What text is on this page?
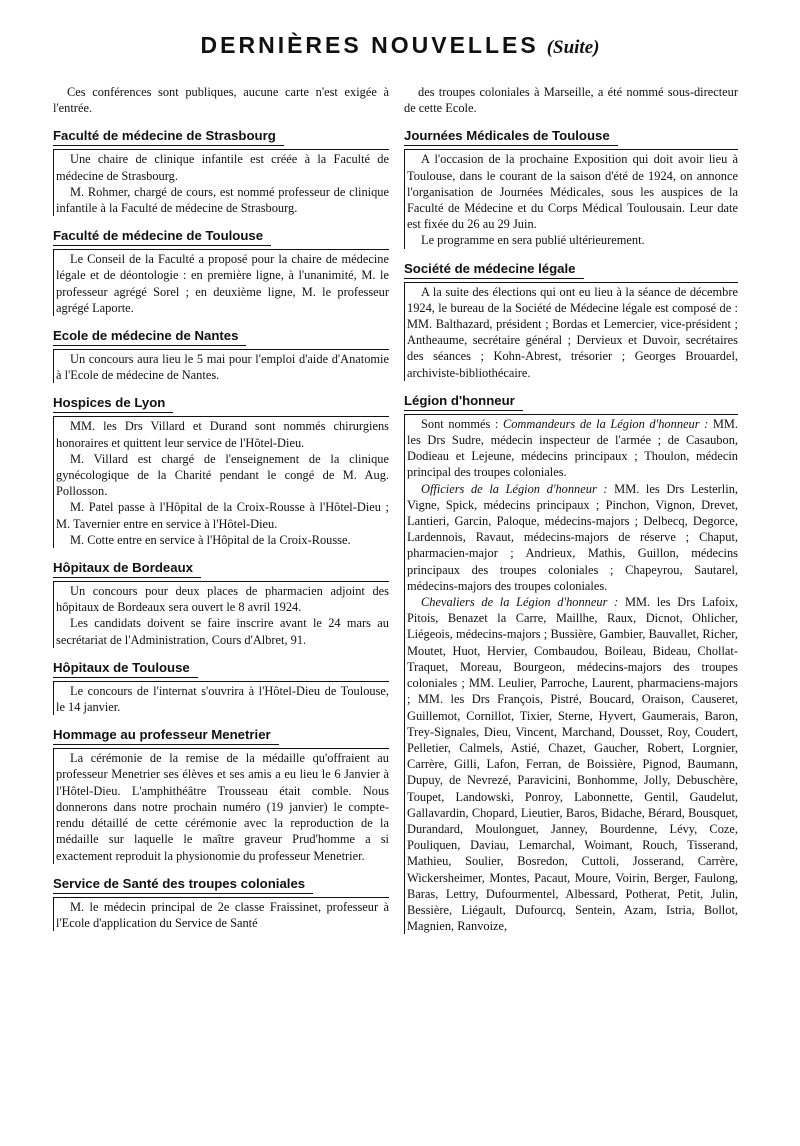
DERNIÈRES NOUVELLES (Suite)

Ces conférences sont publiques, aucune carte n'est exigée à l'entrée.

Faculté de médecine de Strasbourg

Une chaire de clinique infantile est créée à la Faculté de médecine de Strasbourg.

M. Rohmer, chargé de cours, est nommé professeur de clinique infantile à la Faculté de médecine de Strasbourg.

Faculté de médecine de Toulouse

Le Conseil de la Faculté a proposé pour la chaire de médecine légale et de déontologie : en première ligne, à l'unanimité, M. le professeur agrégé Sorel ; en deuxième ligne, M. le professeur agrégé Laporte.

Ecole de médecine de Nantes

Un concours aura lieu le 5 mai pour l'emploi d'aide d'Anatomie à l'Ecole de médecine de Nantes.

Hospices de Lyon

MM. les Drs Villard et Durand sont nommés chirurgiens honoraires et quittent leur service de l'Hôtel-Dieu.

M. Villard est chargé de l'enseignement de la clinique gynécologique de la Charité pendant le congé de M. Aug. Pollosson.

M. Patel passe à l'Hôpital de la Croix-Rousse à l'Hôtel-Dieu ; M. Tavernier entre en service à l'Hôtel-Dieu.

M. Cotte entre en service à l'Hôpital de la Croix-Rousse.

Hôpitaux de Bordeaux

Un concours pour deux places de pharmacien adjoint des hôpitaux de Bordeaux sera ouvert le 8 avril 1924.

Les candidats doivent se faire inscrire avant le 24 mars au secrétariat de l'Administration, Cours d'Albret, 91.

Hôpitaux de Toulouse

Le concours de l'internat s'ouvrira à l'Hôtel-Dieu de Toulouse, le 14 janvier.

Hommage au professeur Menetrier

La cérémonie de la remise de la médaille qu'offraient au professeur Menetrier ses élèves et ses amis a eu lieu le 6 Janvier à l'Hôtel-Dieu. L'amphithéâtre Trousseau était comble. Nous donnerons dans notre prochain numéro (19 janvier) le compte-rendu détaillé de cette cérémonie avec la reproduction de la médaille sur laquelle le maître graveur Prud'homme a si exactement reproduit la physionomie du professeur Menetrier.

Service de Santé des troupes coloniales

M. le médecin principal de 2e classe Fraissinet, professeur à l'Ecole d'application du Service de Santé

des troupes coloniales à Marseille, a été nommé sous-directeur de cette Ecole.

Journées Médicales de Toulouse

A l'occasion de la prochaine Exposition qui doit avoir lieu à Toulouse, dans le courant de la saison d'été de 1924, on annonce l'organisation de Journées Médicales, sous les auspices de la Faculté de Médecine et du Corps Médical Toulousain. Leur date est fixée du 26 au 29 Juin.

Le programme en sera publié ultérieurement.

Société de médecine légale

A la suite des élections qui ont eu lieu à la séance de décembre 1924, le bureau de la Société de Médecine légale est composé de : MM. Balthazard, président ; Bordas et Lemercier, vice-président ; Antheaume, secrétaire général ; Dervieux et Duvoir, secrétaires des séances ; Kohn-Abrest, trésorier ; Georges Brouardel, archiviste-bibliothécaire.

Légion d'honneur

Sont nommés : Commandeurs de la Légion d'honneur : MM. les Drs Sudre, médecin inspecteur de l'armée ; de Casaubon, Dodieau et Lejeune, médecins principaux ; Thoulon, médecin principal des troupes coloniales.

Officiers de la Légion d'honneur : MM. les Drs Lesterlin, Vigne, Spick, médecins principaux ; Pinchon, Vignon, Drevet, Lantieri, Garcin, Paloque, médecins-majors ; Delbecq, Degorce, Lardennois, Ravaut, médecins-majors de réserve ; Chaput, pharmacien-major ; Andrieux, Mathis, Guillon, médecins principaux des troupes coloniales ; Chapeyrou, Sautarel, médecins-majors des troupes coloniales.

Chevaliers de la Légion d'honneur : MM. les Drs Lafoix, Pitois, Benazet la Carre, Maillhe, Raux, Dicnot, Ohlicher, Liégeois, médecins-majors ; Bussière, Gambier, Bauvallet, Richer, Moutet, Huot, Hervier, Combaudou, Boileau, Bideau, Chollat-Traquet, Moreau, Bourgeon, médecins-majors des troupes coloniales ; MM. Leulier, Parroche, Laurent, pharmaciens-majors ; MM. les Drs François, Pistré, Boucard, Oraison, Causeret, Guillemot, Cornillot, Tixier, Sterne, Hyvert, Gaumerais, Baron, Trey-Signales, Dieu, Vincent, Marchand, Dousset, Roy, Coudert, Pelletier, Calmels, Astié, Chazet, Gaucher, Robert, Lorgnier, Carrère, Gilli, Lafon, Ferran, de Boissière, Pignod, Baumann, Dupuy, de Nevrezé, Paravicini, Bonhomme, Jolly, Debuschère, Toupet, Landowski, Ponroy, Labonnette, Gentil, Gaudelut, Gallavardin, Chopard, Lieutier, Baros, Bidache, Bérard, Bousquet, Durandard, Moulonguet, Janney, Bourdenne, Lévy, Coze, Pouliquen, Daviau, Lemarchal, Woimant, Rouch, Tisserand, Mathieu, Soulier, Bosredon, Cuttoli, Josserand, Carrère, Wickersheimer, Montes, Pacaut, Moure, Voirin, Berger, Faulong, Baras, Lettry, Dufourmentel, Albessard, Potherat, Petit, Julin, Bessière, Liégault, Dufourcq, Sentein, Azam, Istria, Bollot, Magnien, Ranvoize,
